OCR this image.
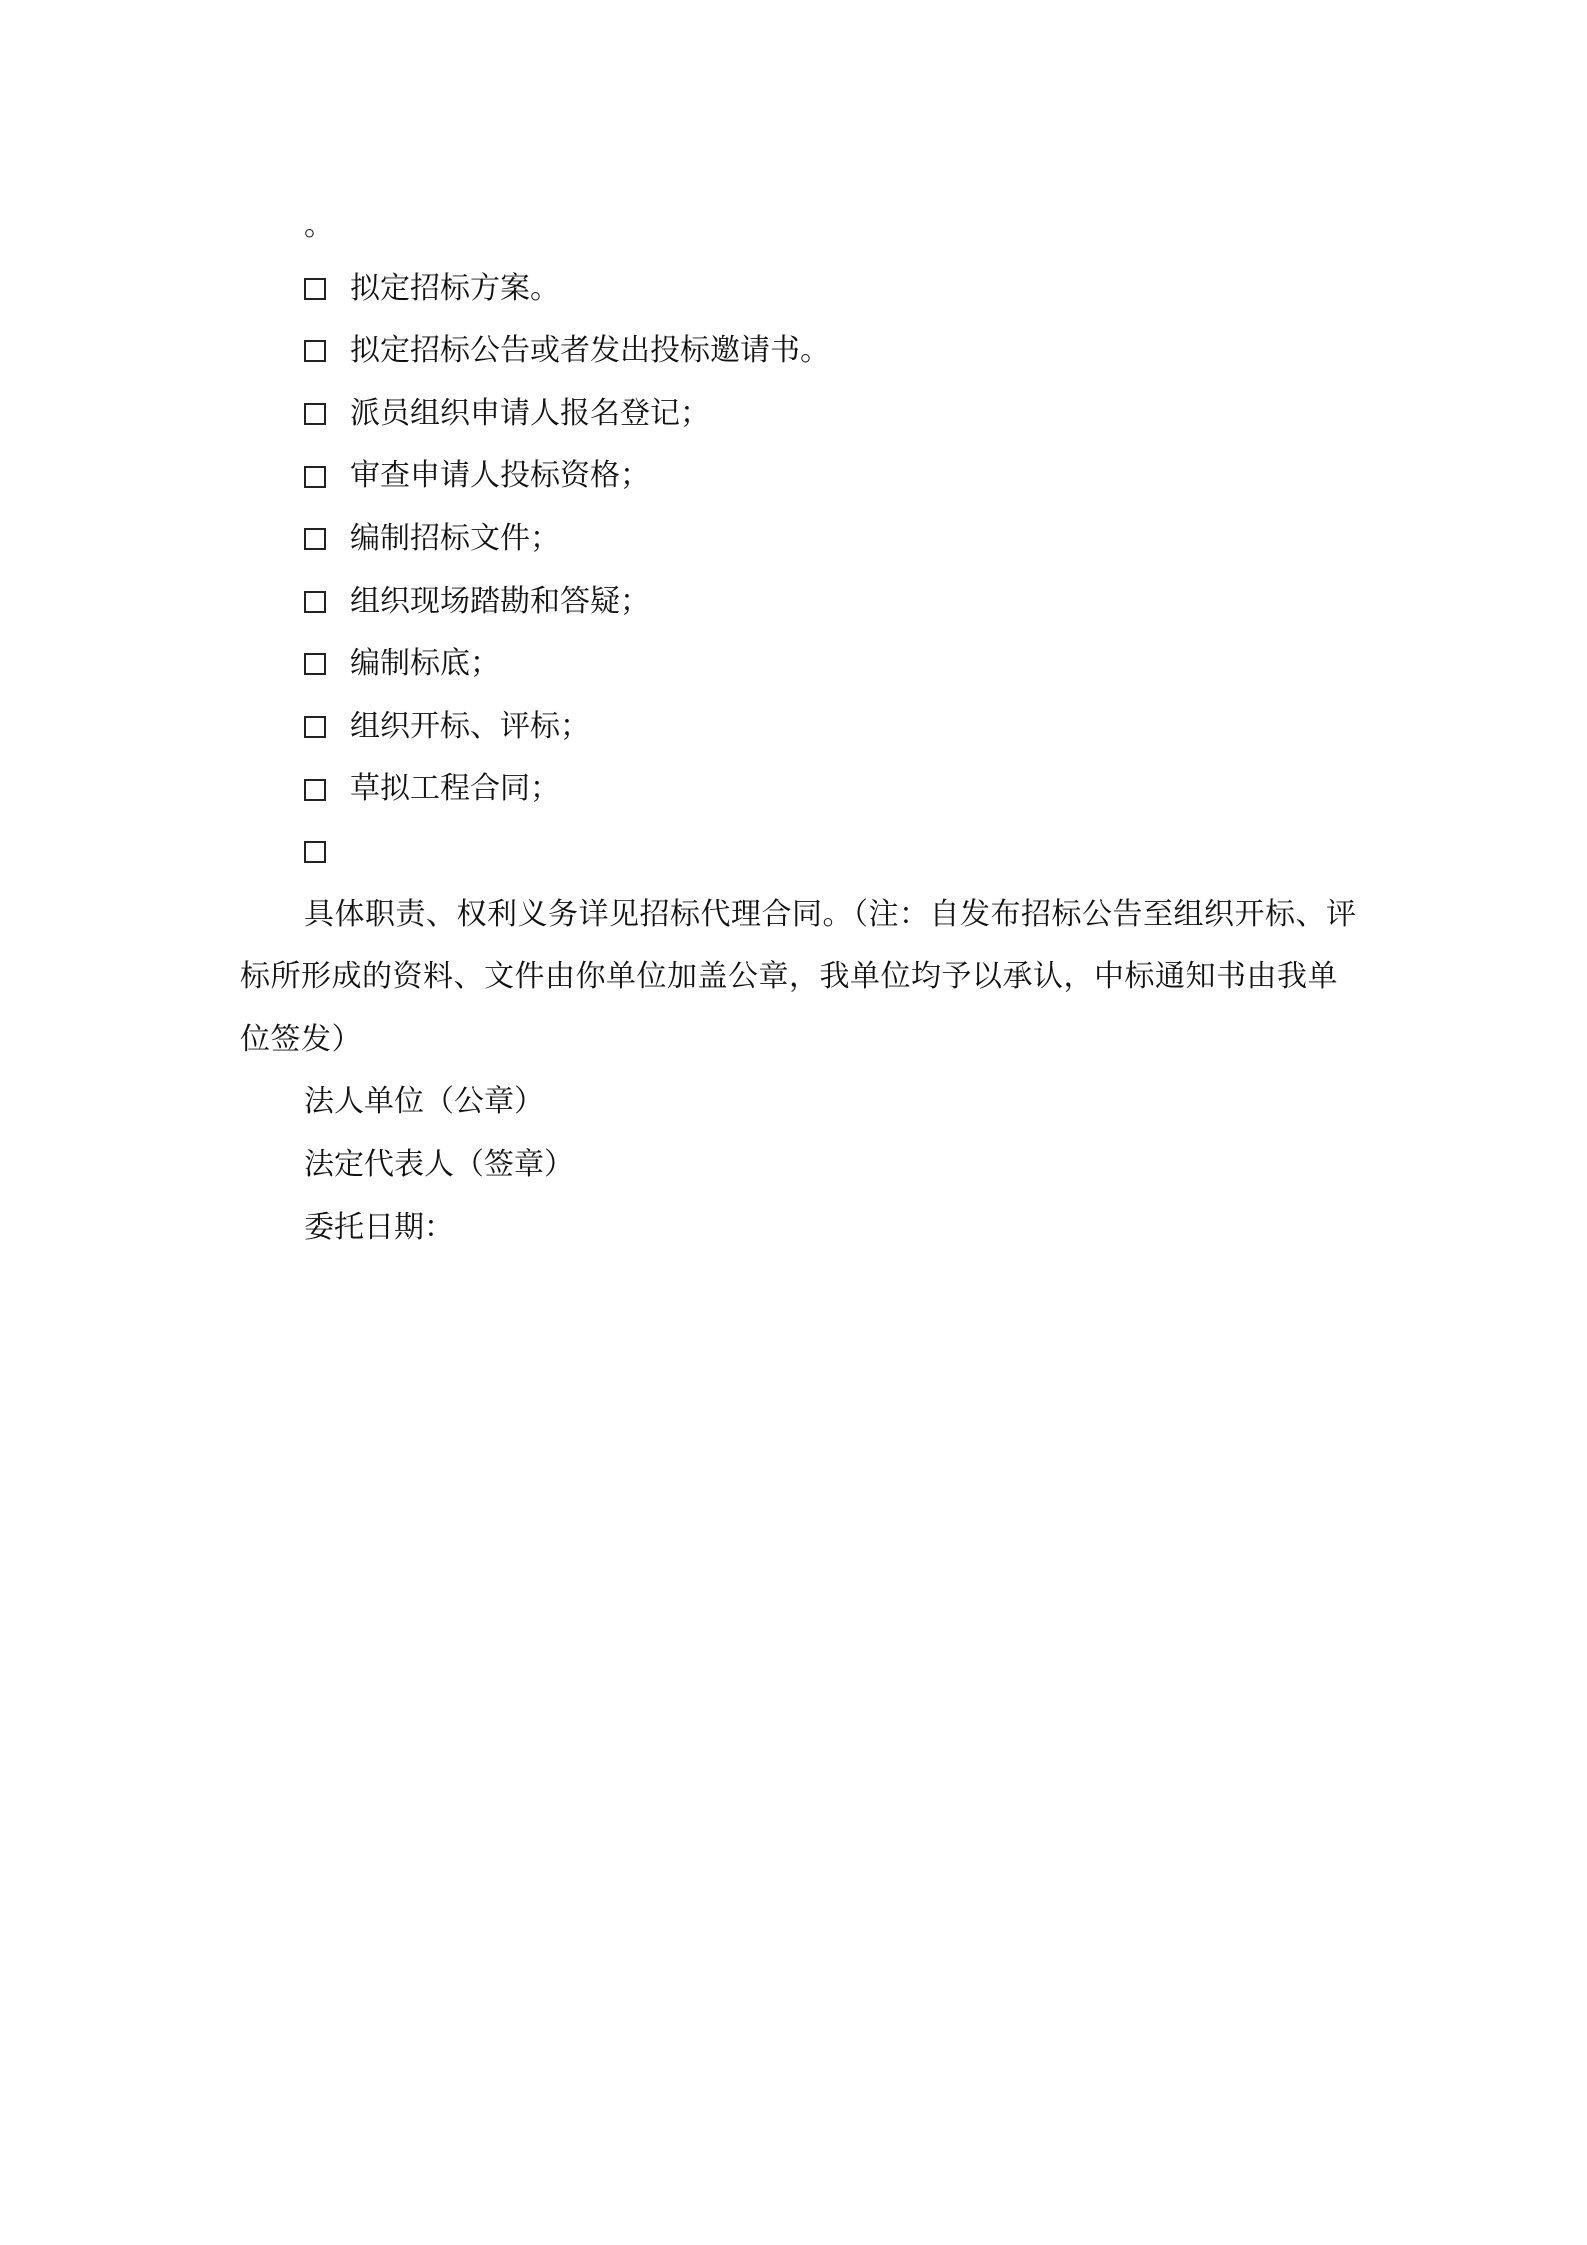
。
拟定招标方案。
拟定招标公告或者发出投标邀请书。
派员组织申请人报名登记；
审查申请人投标资格；
编制招标文件；
组织现场踏勘和答疑；
编制标底；
组织开标、评标；
草拟工程合同；
具体职责、权利义务详见招标代理合同。（注：自发布招标公告至组织开标、评标所形成的资料、文件由你单位加盖公章，我单位均予以承认，中标通知书由我单位签发）
法人单位（公章）
法定代表人（签章）
委托日期：
